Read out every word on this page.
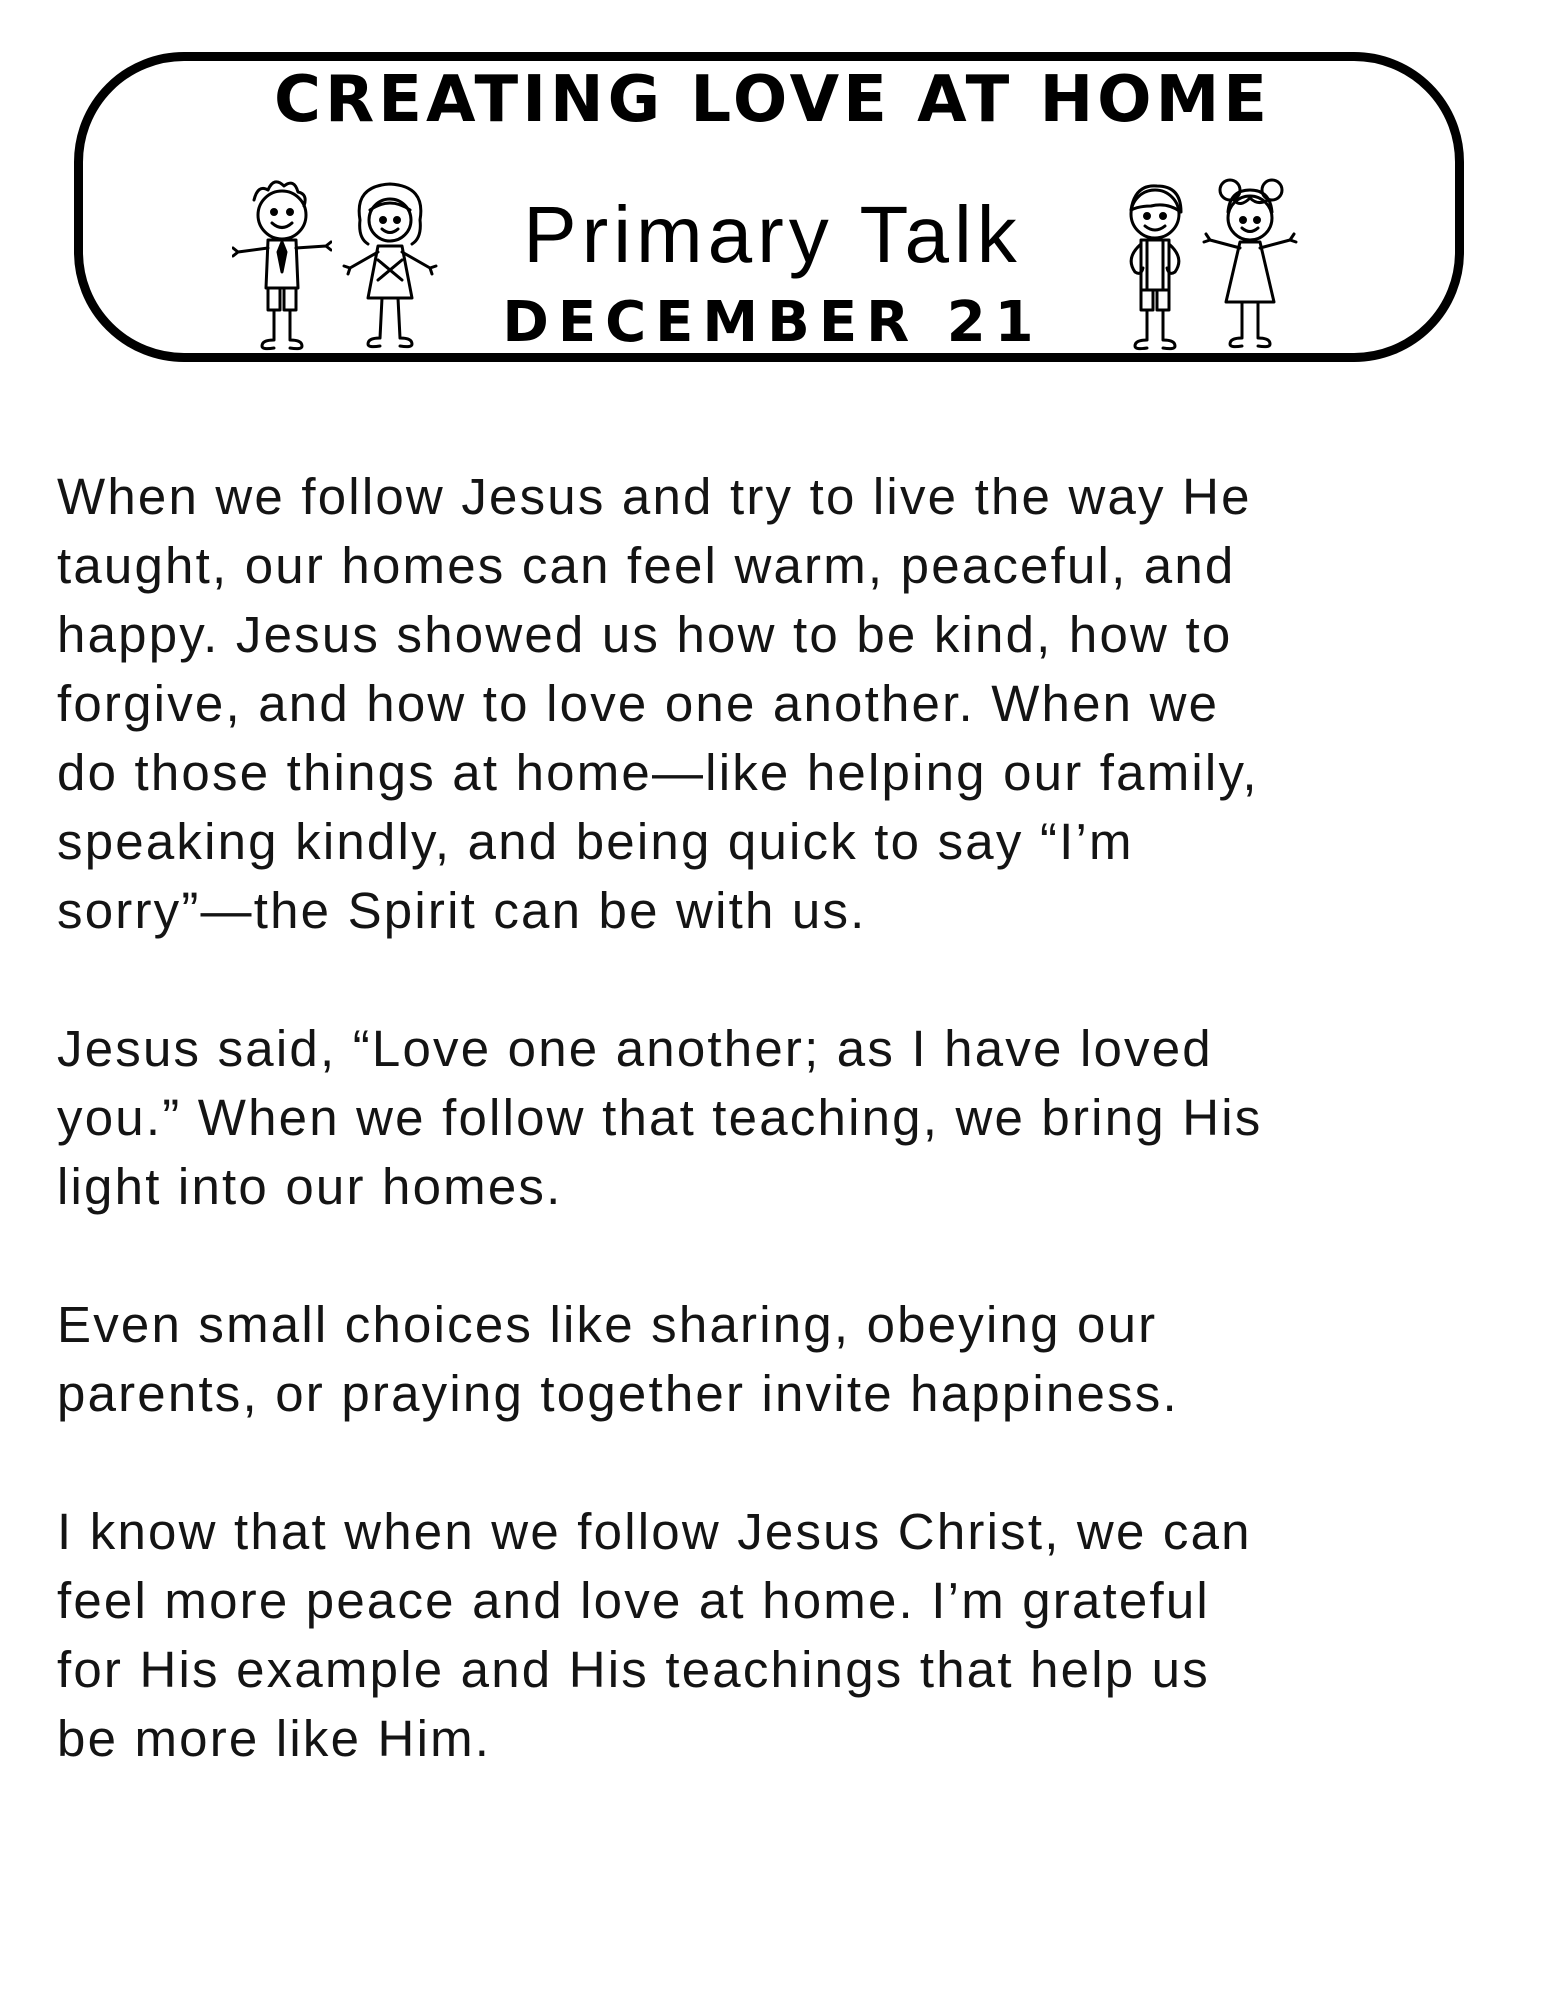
CREATING LOVE AT HOME
Primary Talk
DECEMBER 21

When we follow Jesus and try to live the way He
taught, our homes can feel warm, peaceful, and
happy. Jesus showed us how to be kind, how to
forgive, and how to love one another. When we
do those things at home—like helping our family,
speaking kindly, and being quick to say “I’m
sorry”—the Spirit can be with us.

Jesus said, “Love one another; as I have loved
you.” When we follow that teaching, we bring His
light into our homes.

Even small choices like sharing, obeying our
parents, or praying together invite happiness.

I know that when we follow Jesus Christ, we can
feel more peace and love at home. I’m grateful
for His example and His teachings that help us
be more like Him.
